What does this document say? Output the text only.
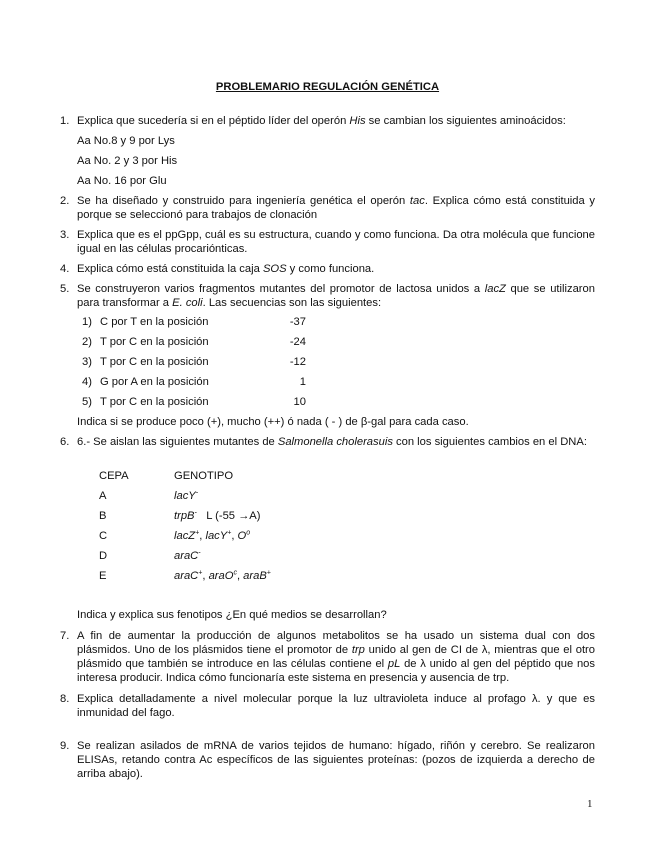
PROBLEMARIO REGULACIÓN GENÉTICA
1. Explica que sucedería si en el péptido líder del operón His se cambian los siguientes aminoácidos:
Aa No.8 y 9 por Lys
Aa No. 2 y 3 por His
Aa No. 16 por Glu
2. Se ha diseñado y construido para ingeniería genética el operón tac. Explica cómo está constituida y porque se seleccionó para trabajos de clonación
3. Explica que es el ppGpp, cuál es su estructura, cuando y como funciona. Da otra molécula que funcione igual en las células procariónticas.
4. Explica cómo está constituida la caja SOS y como funciona.
5. Se construyeron varios fragmentos mutantes del promotor de lactosa unidos a lacZ que se utilizaron para transformar a E. coli. Las secuencias son las siguientes:
1) C por T en la posición	-37
2) T por C en la posición	-24
3) T por C en la posición	-12
4) G por A en la posición	1
5) T por C en la posición	10
Indica si se produce poco (+), mucho (++) ó nada ( - ) de β-gal para cada caso.
6. 6.- Se aislan las siguientes mutantes de Salmonella cholerasuis con los siguientes cambios en el DNA:
CEPA	GENOTIPO
A	lacY-
B	trpB- L (-55 →A)
C	lacZ+, lacY+, $O^o$
D	araC-
E	araC+, araO$^c$, araB+
Indica y explica sus fenotipos ¿En qué medios se desarrollan?
7. A fin de aumentar la producción de algunos metabolitos se ha usado un sistema dual con dos plásmidos. Uno de los plásmidos tiene el promotor de trp unido al gen de CI de λ, mientras que el otro plásmido que también se introduce en las células contiene el pL de λ unido al gen del péptido que nos interesa producir. Indica cómo funcionaría este sistema en presencia y ausencia de trp.
8. Explica detalladamente a nivel molecular porque la luz ultravioleta induce al profago λ. y que es inmunidad del fago.
9. Se realizan asilados de mRNA de varios tejidos de humano: hígado, riñón y cerebro. Se realizaron ELISAs, retando contra Ac específicos de las siguientes proteínas: (pozos de izquierda a derecho de arriba abajo).
1
